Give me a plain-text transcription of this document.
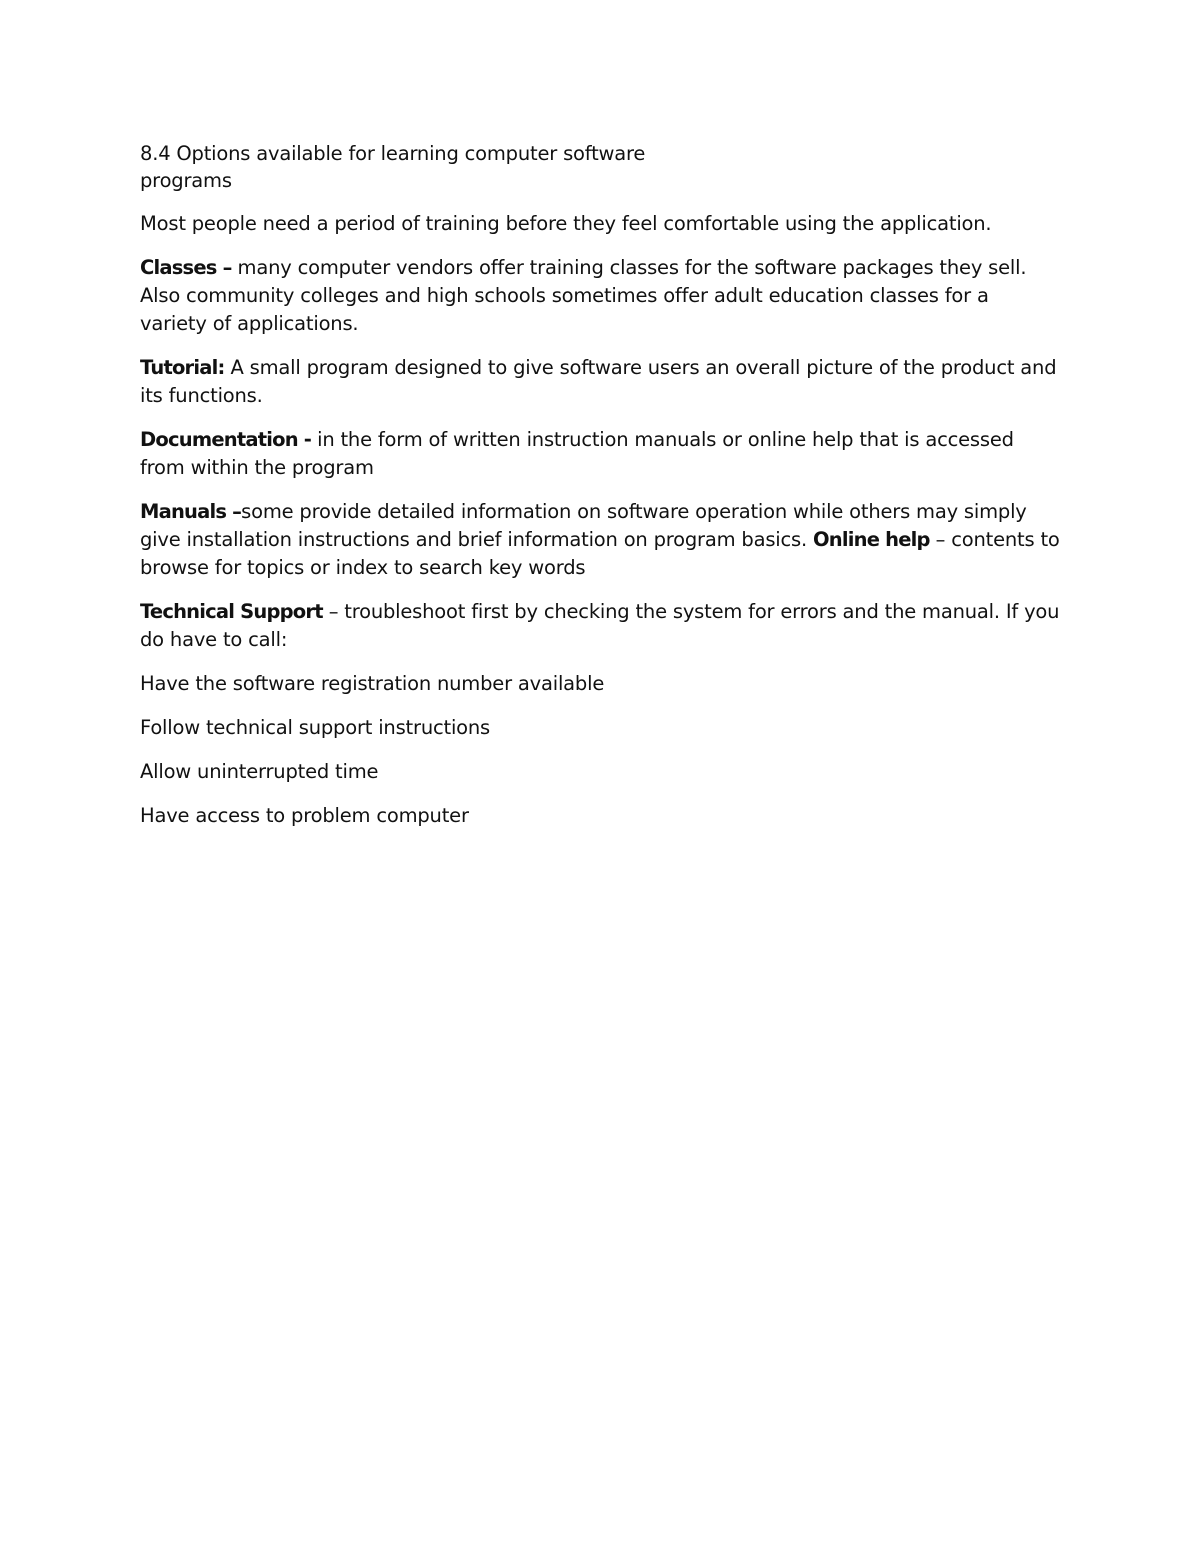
8.4 Options available for learning computer software programs

Most people need a period of training before they feel comfortable using the application.

Classes – many computer vendors offer training classes for the software packages they sell. Also community colleges and high schools sometimes offer adult education classes for a variety of applications.

Tutorial: A small program designed to give software users an overall picture of the product and its functions.

Documentation - in the form of written instruction manuals or online help that is accessed from within the program

Manuals –some provide detailed information on software operation while others may simply give installation instructions and brief information on program basics. Online help – contents to browse for topics or index to search key words

Technical Support – troubleshoot first by checking the system for errors and the manual. If you do have to call:

Have the software registration number available

Follow technical support instructions

Allow uninterrupted time

Have access to problem computer
